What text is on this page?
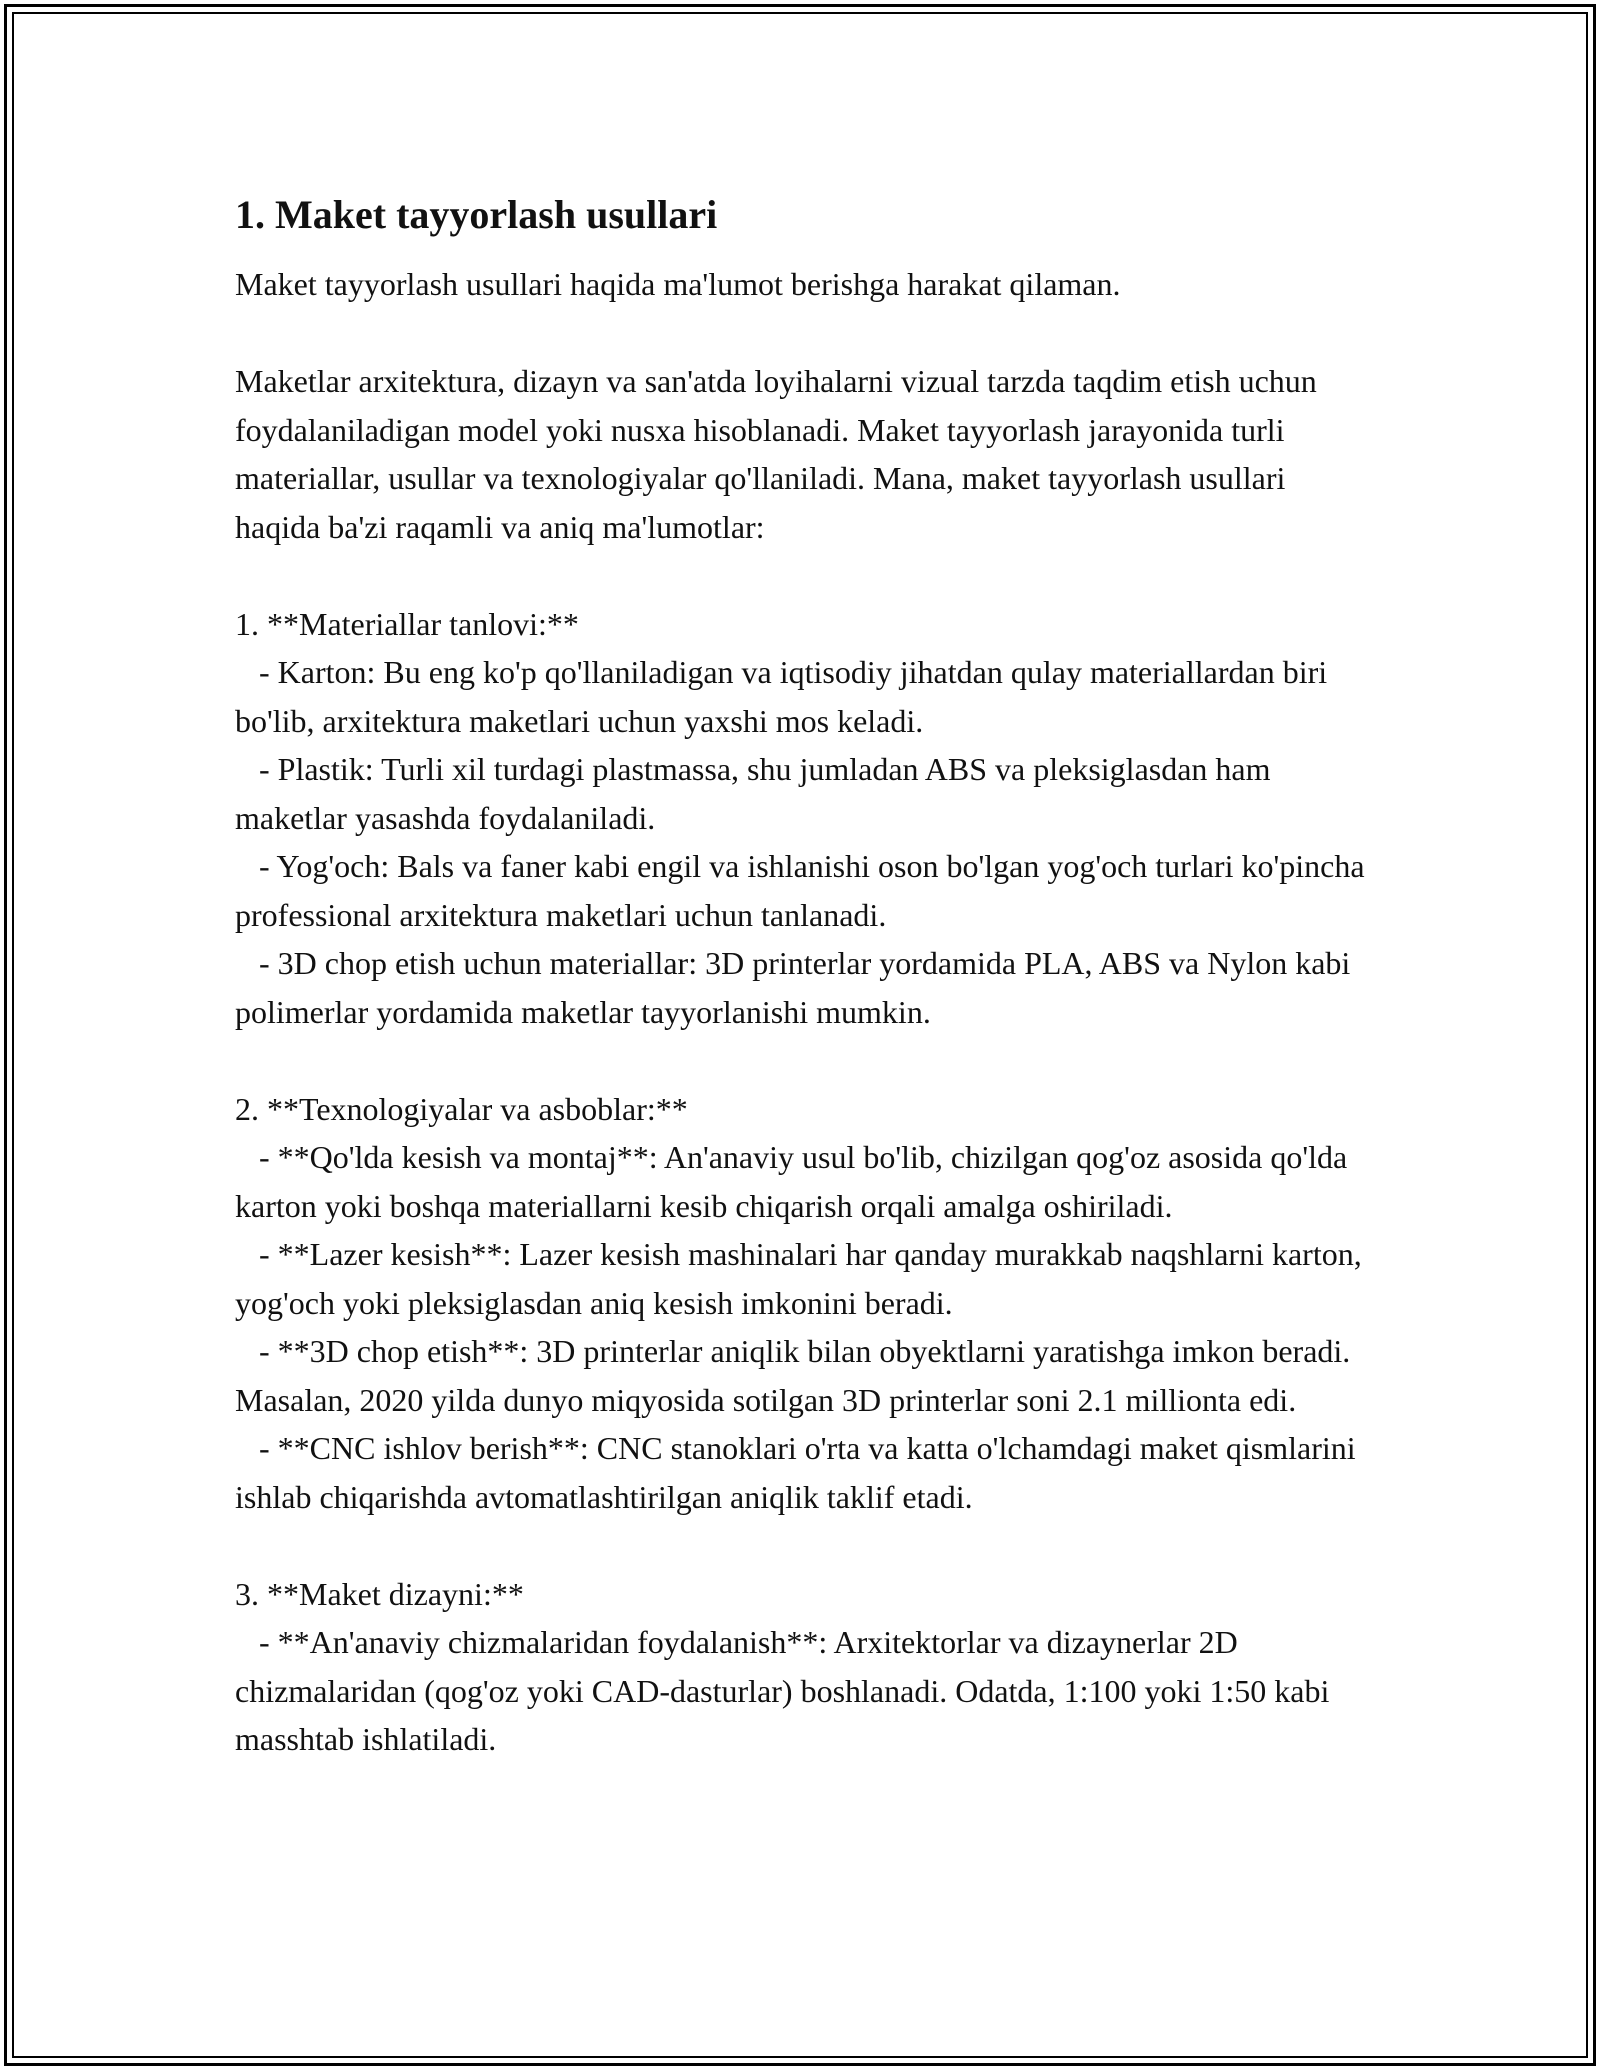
1. Maket tayyorlash usullari

Maket tayyorlash usullari haqida ma'lumot berishga harakat qilaman.

Maketlar arxitektura, dizayn va san'atda loyihalarni vizual tarzda taqdim etish uchun foydalaniladigan model yoki nusxa hisoblanadi. Maket tayyorlash jarayonida turli materiallar, usullar va texnologiyalar qo'llaniladi. Mana, maket tayyorlash usullari haqida ba'zi raqamli va aniq ma'lumotlar:

1. **Materiallar tanlovi:**
- Karton: Bu eng ko'p qo'llaniladigan va iqtisodiy jihatdan qulay materiallardan biri bo'lib, arxitektura maketlari uchun yaxshi mos keladi.
- Plastik: Turli xil turdagi plastmassa, shu jumladan ABS va pleksiglasdan ham maketlar yasashda foydalaniladi.
- Yog'och: Bals va faner kabi engil va ishlanishi oson bo'lgan yog'och turlari ko'pincha professional arxitektura maketlari uchun tanlanadi.
- 3D chop etish uchun materiallar: 3D printerlar yordamida PLA, ABS va Nylon kabi polimerlar yordamida maketlar tayyorlanishi mumkin.

2. **Texnologiyalar va asboblar:**
- **Qo'lda kesish va montaj**: An'anaviy usul bo'lib, chizilgan qog'oz asosida qo'lda karton yoki boshqa materiallarni kesib chiqarish orqali amalga oshiriladi.
- **Lazer kesish**: Lazer kesish mashinalari har qanday murakkab naqshlarni karton, yog'och yoki pleksiglasdan aniq kesish imkonini beradi.
- **3D chop etish**: 3D printerlar aniqlik bilan obyektlarni yaratishga imkon beradi. Masalan, 2020 yilda dunyo miqyosida sotilgan 3D printerlar soni 2.1 millionta edi.
- **CNC ishlov berish**: CNC stanoklari o'rta va katta o'lchamdagi maket qismlarini ishlab chiqarishda avtomatlashtirilgan aniqlik taklif etadi.

3. **Maket dizayni:**
- **An'anaviy chizmalaridan foydalanish**: Arxitektorlar va dizaynerlar 2D chizmalaridan (qog'oz yoki CAD-dasturlar) boshlanadi. Odatda, 1:100 yoki 1:50 kabi masshtab ishlatiladi.
